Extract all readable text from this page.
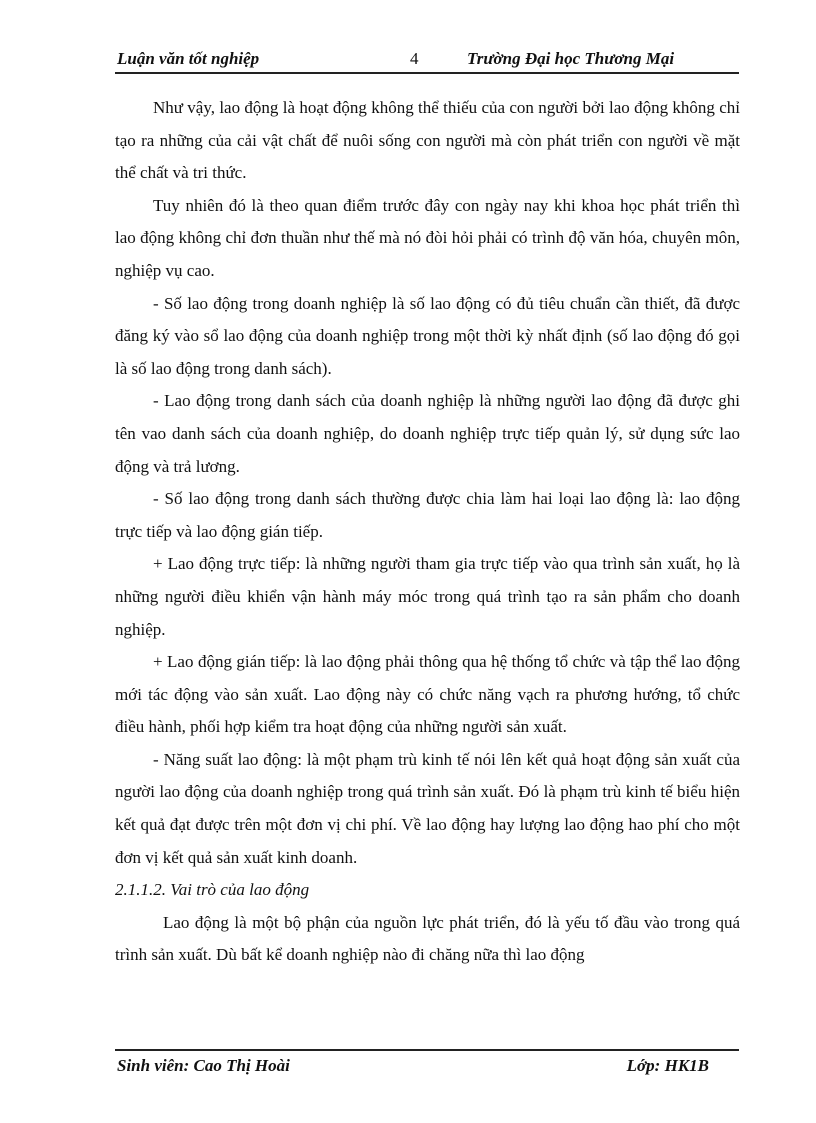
Luận văn tốt nghiệp	4	Trường Đại học Thương Mại

Như vậy, lao động là hoạt động không thể thiếu của con người bởi lao động không chỉ tạo ra những của cải vật chất để nuôi sống con người mà còn phát triển con người về mặt thể chất và tri thức.

Tuy nhiên đó là theo quan điểm trước đây con ngày nay khi khoa học phát triển thì lao động không chỉ đơn thuần như thế mà nó đòi hỏi phải có trình độ văn hóa, chuyên môn, nghiệp vụ cao.

- Số lao động trong doanh nghiệp là số lao động có đủ tiêu chuẩn cần thiết, đã được đăng ký vào sổ lao động của doanh nghiệp trong một thời kỳ nhất định (số lao động đó gọi là số lao động trong danh sách).

- Lao động trong danh sách của doanh nghiệp là những người lao động đã được ghi tên vao danh sách của doanh nghiệp, do doanh nghiệp trực tiếp quản lý, sử dụng sức lao động và trả lương.

- Số lao động trong danh sách thường được chia làm hai loại lao động là: lao động trực tiếp và lao động gián tiếp.

+ Lao động trực tiếp: là những người tham gia trực tiếp vào qua trình sản xuất, họ là những người điều khiển vận hành máy móc trong quá trình tạo ra sản phẩm cho doanh nghiệp.

+ Lao động gián tiếp: là lao động phải thông qua hệ thống tổ chức và tập thể lao động mới tác động vào sản xuất. Lao động này có chức năng vạch ra phương hướng, tổ chức điều hành, phối hợp kiểm tra hoạt động của những người sản xuất.

- Năng suất lao động: là một phạm trù kinh tế nói lên kết quả hoạt động sản xuất của người lao động của doanh nghiệp trong quá trình sản xuất. Đó là phạm trù kinh tế biểu hiện kết quả đạt được trên một đơn vị chi phí. Về lao động hay lượng lao động hao phí cho một đơn vị kết quả sản xuất kinh doanh.

2.1.1.2. Vai trò của lao động

Lao động là một bộ phận của nguồn lực phát triển, đó là yếu tố đầu vào trong quá trình sản xuất. Dù bất kể doanh nghiệp nào đi chăng nữa thì lao động

Sinh viên: Cao Thị Hoài	Lớp: HK1B
